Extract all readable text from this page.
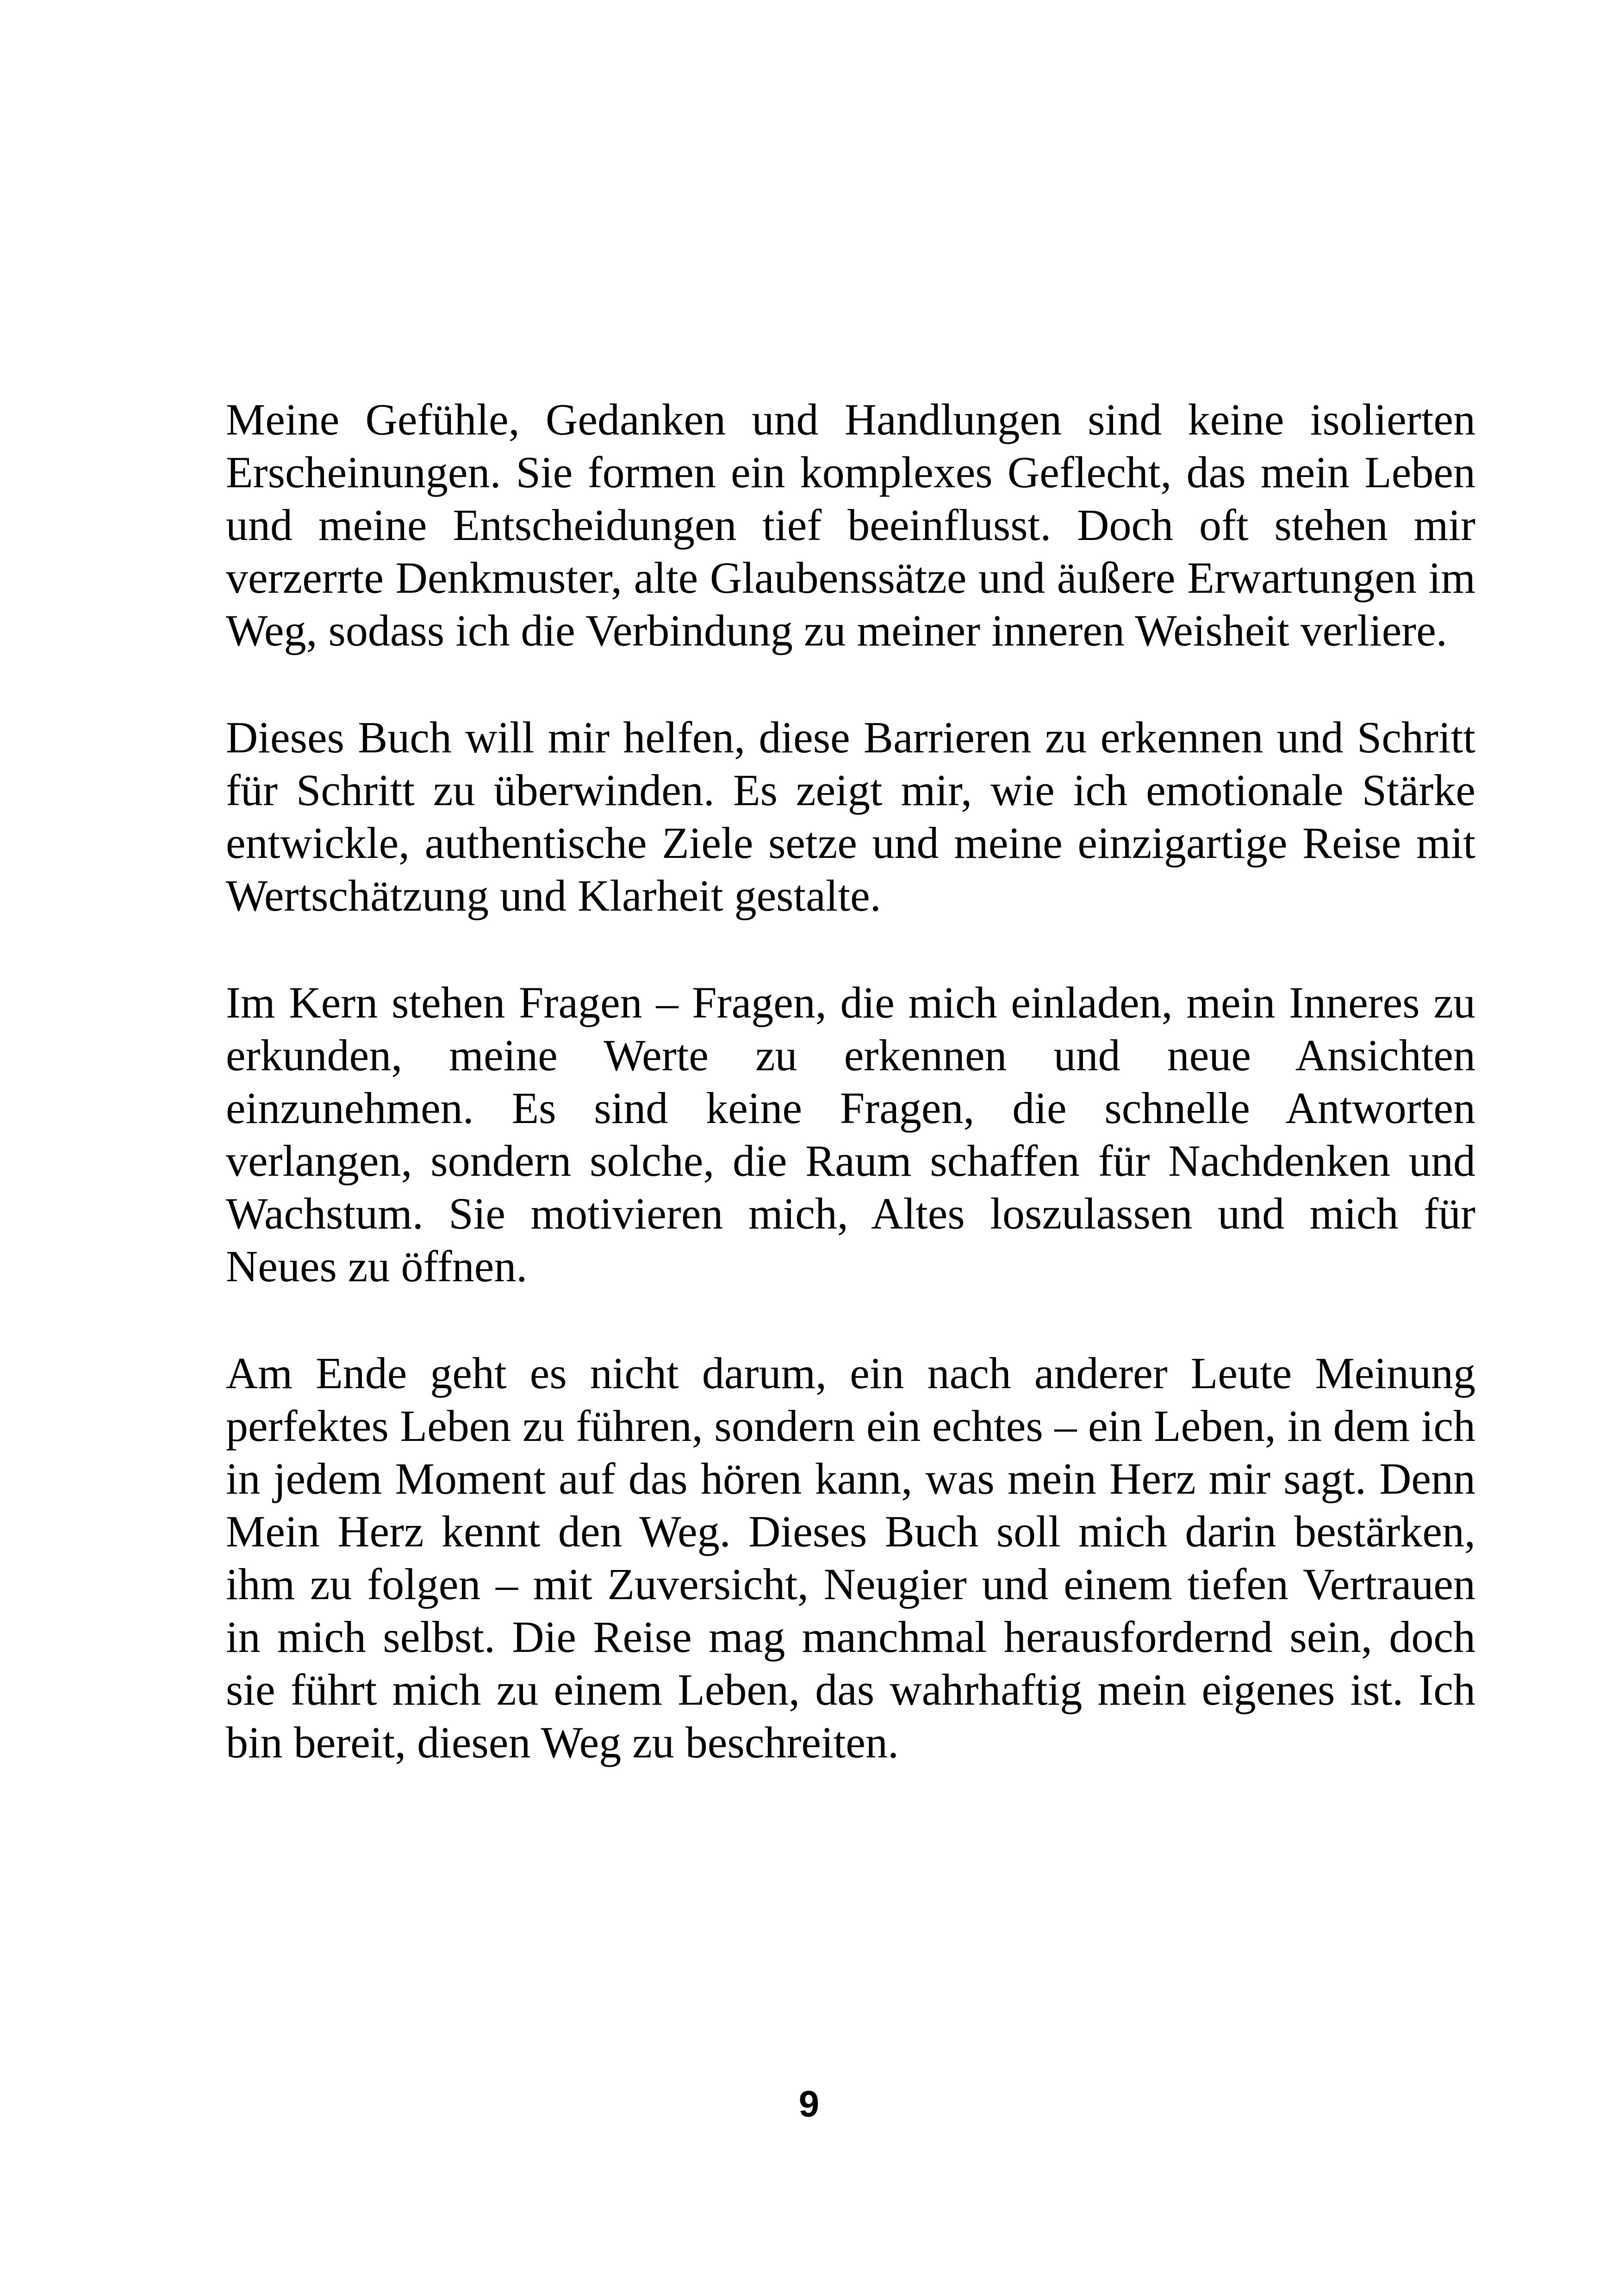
Meine Gefühle, Gedanken und Handlungen sind keine isolierten Erscheinungen. Sie formen ein komplexes Geflecht, das mein Leben und meine Entscheidungen tief beeinflusst. Doch oft stehen mir verzerrte Denkmuster, alte Glaubenssätze und äußere Erwartungen im Weg, sodass ich die Verbindung zu meiner inneren Weisheit verliere.

Dieses Buch will mir helfen, diese Barrieren zu erkennen und Schritt für Schritt zu überwinden. Es zeigt mir, wie ich emotionale Stärke entwickle, authentische Ziele setze und meine einzigartige Reise mit Wertschätzung und Klarheit gestalte.

Im Kern stehen Fragen – Fragen, die mich einladen, mein Inneres zu erkunden, meine Werte zu erkennen und neue Ansichten einzunehmen. Es sind keine Fragen, die schnelle Antworten verlangen, sondern solche, die Raum schaffen für Nachdenken und Wachstum. Sie motivieren mich, Altes loszulassen und mich für Neues zu öffnen.

Am Ende geht es nicht darum, ein nach anderer Leute Meinung perfektes Leben zu führen, sondern ein echtes – ein Leben, in dem ich in jedem Moment auf das hören kann, was mein Herz mir sagt. Denn Mein Herz kennt den Weg. Dieses Buch soll mich darin bestärken, ihm zu folgen – mit Zuversicht, Neugier und einem tiefen Vertrauen in mich selbst. Die Reise mag manchmal herausfordernd sein, doch sie führt mich zu einem Leben, das wahrhaftig mein eigenes ist. Ich bin bereit, diesen Weg zu beschreiten.

9
